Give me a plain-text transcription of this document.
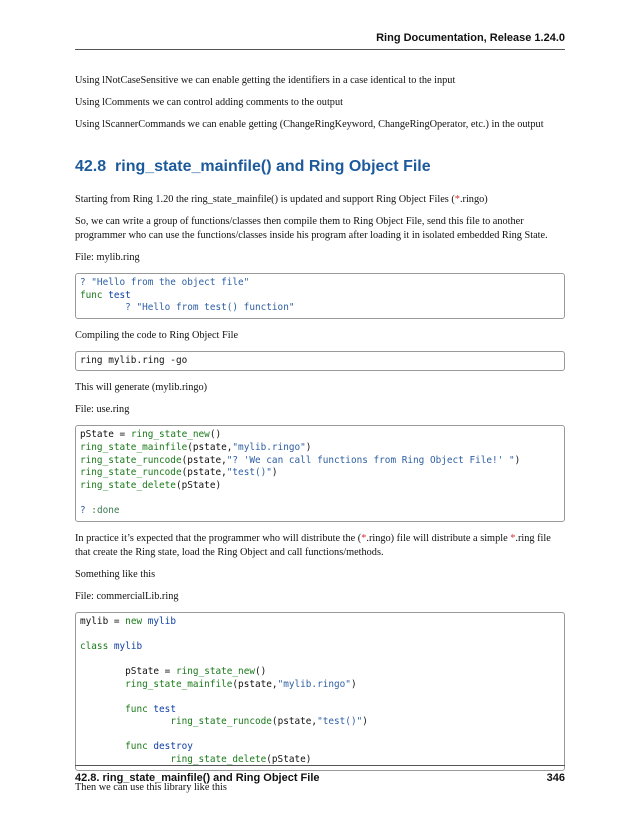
Ring Documentation, Release 1.24.0

Using lNotCaseSensitive we can enable getting the identifiers in a case identical to the input

Using lComments we can control adding comments to the output

Using lScannerCommands we can enable getting (ChangeRingKeyword, ChangeRingOperator, etc.) in the output

42.8 ring_state_mainfile() and Ring Object File

Starting from Ring 1.20 the ring_state_mainfile() is updated and support Ring Object Files (*.ringo)

So, we can write a group of functions/classes then compile them to Ring Object File, send this file to another programmer who can use the functions/classes inside his program after loading it in isolated embedded Ring State.

File: mylib.ring

? "Hello from the object file"
func test
? "Hello from test() function"

Compiling the code to Ring Object File

ring mylib.ring -go

This will generate (mylib.ringo)

File: use.ring

pState = ring_state_new()
ring_state_mainfile(pstate,"mylib.ringo")
ring_state_runcode(pstate,"? 'We can call functions from Ring Object File!' ")
ring_state_runcode(pstate,"test()")
ring_state_delete(pState)

? :done

In practice it’s expected that the programmer who will distribute the (*.ringo) file will distribute a simple *.ring file that create the Ring state, load the Ring Object and call functions/methods.

Something like this

File: commercialLib.ring

mylib = new mylib

class mylib

pState = ring_state_new()
ring_state_mainfile(pstate,"mylib.ringo")

func test
ring_state_runcode(pstate,"test()")

func destroy
ring_state_delete(pState)

Then we can use this library like this

42.8. ring_state_mainfile() and Ring Object File	346
